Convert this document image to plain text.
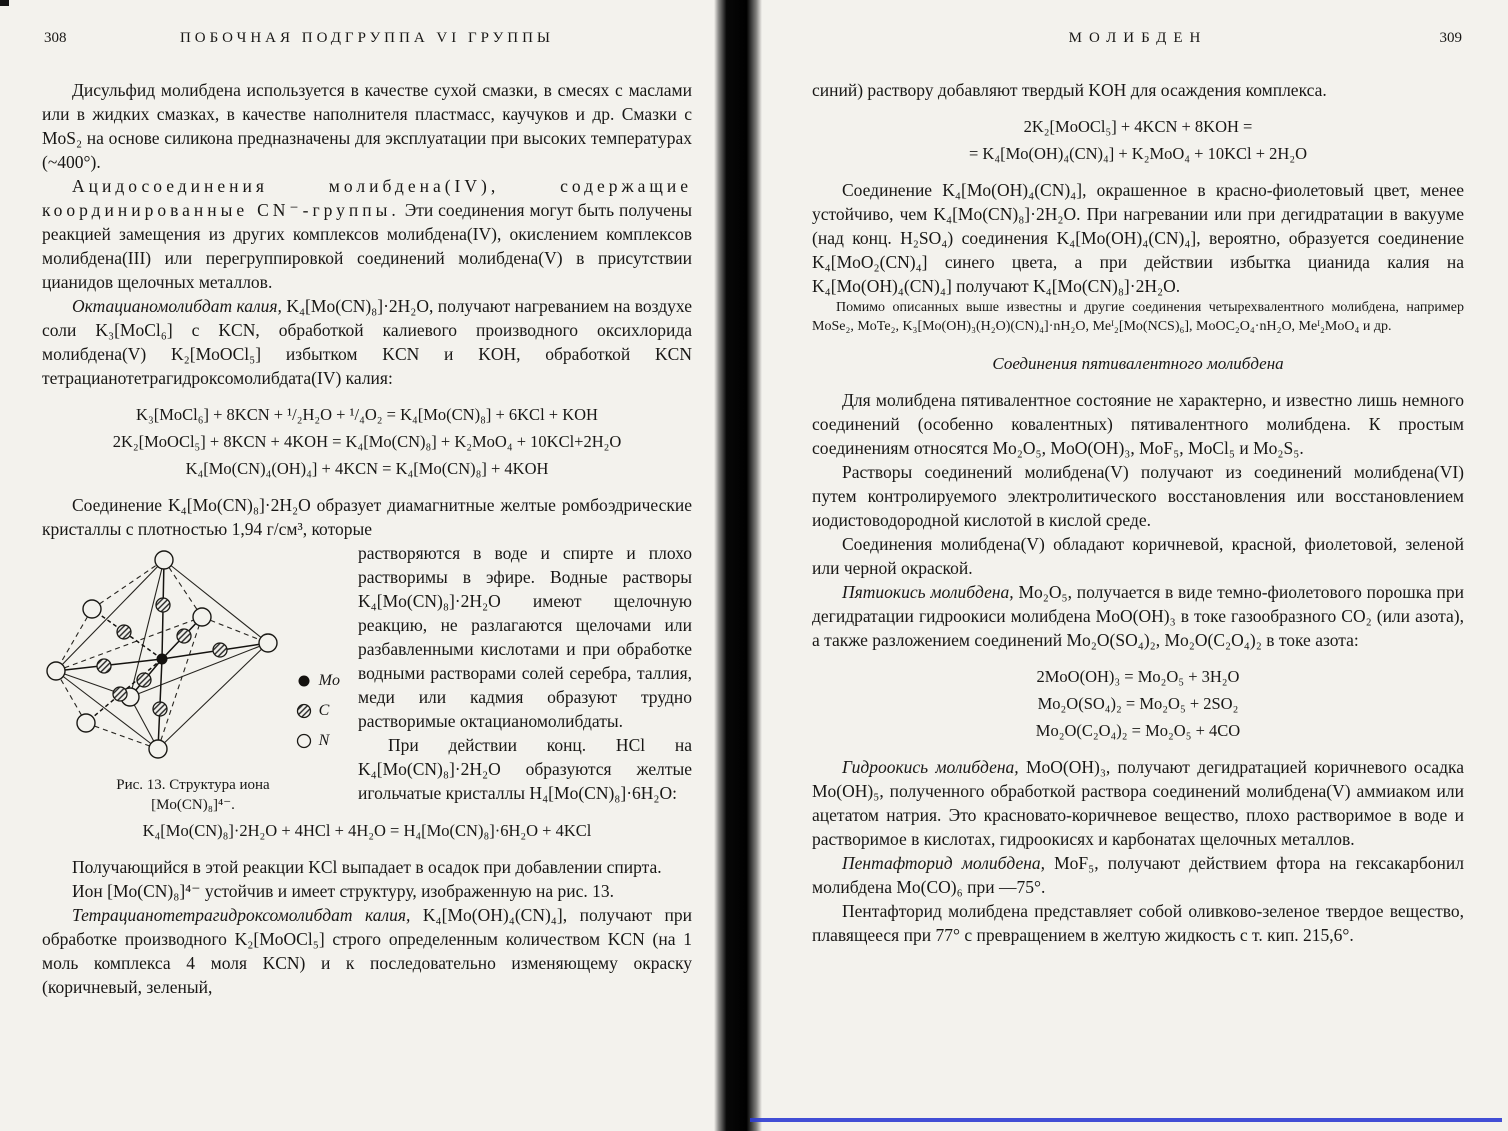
308	ПОБОЧНАЯ ПОДГРУППА VI ГРУППЫ

Дисульфид молибдена используется в качестве сухой смазки, в смесях с маслами или в жидких смазках, в качестве наполнителя пластмасс, каучуков и др. Смазки с MoS₂ на основе силикона предназначены для эксплуатации при высоких температурах (~400°).

Ацидосоединения молибдена(IV), содержащие координированные CN⁻-группы. Эти соединения могут быть получены реакцией замещения из других комплексов молибдена(IV), окислением комплексов молибдена(III) или перегруппировкой соединений молибдена(V) в присутствии цианидов щелочных металлов.

Октацианомолибдат калия, K₄[Mo(CN)₈]·2H₂O, получают нагреванием на воздухе соли K₃[MoCl₆] с KCN, обработкой калиевого производного оксихлорида молибдена(V) K₂[MoOCl₅] избытком KCN и KOH, обработкой KCN тетрацианотетрагидроксомолибдата(IV) калия:

K₃[MoCl₆] + 8KCN + ¹/₂H₂O + ¹/₄O₂ = K₄[Mo(CN)₈] + 6KCl + KOH
2K₂[MoOCl₅] + 8KCN + 4KOH = K₄[Mo(CN)₈] + K₂MoO₄ + 10KCl+2H₂O
K₄[Mo(CN)₄(OH)₄] + 4KCN = K₄[Mo(CN)₈] + 4KOH

Соединение K₄[Mo(CN)₈]·2H₂O образует диамагнитные желтые ромбоэдрические кристаллы с плотностью 1,94 г/см³, которые

Mo
C
N
Рис. 13. Структура иона
[Mo(CN)₈]⁴⁻.

растворяются в воде и спирте и плохо растворимы в эфире. Водные растворы K₄[Mo(CN)₈]·2H₂O имеют щелочную реакцию, не разлагаются щелочами или разбавленными кислотами и при обработке водными растворами солей серебра, таллия, меди или кадмия образуют трудно растворимые октацианомолибдаты.

При действии конц. HCl на K₄[Mo(CN)₈]·2H₂O образуются желтые игольчатые кристаллы H₄[Mo(CN)₈]·6H₂O:

K₄[Mo(CN)₈]·2H₂O + 4HCl + 4H₂O = H₄[Mo(CN)₈]·6H₂O + 4KCl

Получающийся в этой реакции KCl выпадает в осадок при добавлении спирта.

Ион [Mo(CN)₈]⁴⁻ устойчив и имеет структуру, изображенную на рис. 13.

Тетрацианотетрагидроксомолибдат калия, K₄[Mo(OH)₄(CN)₄], получают при обработке производного K₂[MoOCl₅] строго определенным количеством KCN (на 1 моль комплекса 4 моля KCN) и к последовательно изменяющему окраску (коричневый, зеленый,

МОЛИБДЕН	309

синий) раствору добавляют твердый KOH для осаждения комплекса.

2K₂[MoOCl₅] + 4KCN + 8KOH =
= K₄[Mo(OH)₄(CN)₄] + K₂MoO₄ + 10KCl + 2H₂O

Соединение K₄[Mo(OH)₄(CN)₄], окрашенное в красно-фиолетовый цвет, менее устойчиво, чем K₄[Mo(CN)₈]·2H₂O. При нагревании или при дегидратации в вакууме (над конц. H₂SO₄) соединения K₄[Mo(OH)₄(CN)₄], вероятно, образуется соединение K₄[MoO₂(CN)₄] синего цвета, а при действии избытка цианида калия на K₄[Mo(OH)₄(CN)₄] получают K₄[Mo(CN)₈]·2H₂O.

Помимо описанных выше известны и другие соединения четырехвалентного молибдена, например MoSe₂, MoTe₂, K₃[Mo(OH)₃(H₂O)(CN)₄]·nH₂O, Meᴵ₂[Mo(NCS)₆], MoOC₂O₄·nH₂O, Meᴵ₂MoO₄ и др.

Соединения пятивалентного молибдена

Для молибдена пятивалентное состояние не характерно, и известно лишь немного соединений (особенно ковалентных) пятивалентного молибдена. К простым соединениям относятся Mo₂O₅, MoO(OH)₃, MoF₅, MoCl₅ и Mo₂S₅.

Растворы соединений молибдена(V) получают из соединений молибдена(VI) путем контролируемого электролитического восстановления или восстановлением иодистоводородной кислотой в кислой среде.

Соединения молибдена(V) обладают коричневой, красной, фиолетовой, зеленой или черной окраской.

Пятиокись молибдена, Mo₂O₅, получается в виде темно-фиолетового порошка при дегидратации гидроокиси молибдена MoO(OH)₃ в токе газообразного CO₂ (или азота), а также разложением соединений Mo₂O(SO₄)₂, Mo₂O(C₂O₄)₂ в токе азота:

2MoO(OH)₃ = Mo₂O₅ + 3H₂O
Mo₂O(SO₄)₂ = Mo₂O₅ + 2SO₂
Mo₂O(C₂O₄)₂ = Mo₂O₅ + 4CO

Гидроокись молибдена, MoO(OH)₃, получают дегидратацией коричневого осадка Mo(OH)₅, полученного обработкой раствора соединений молибдена(V) аммиаком или ацетатом натрия. Это красновато-коричневое вещество, плохо растворимое в воде и растворимое в кислотах, гидроокисях и карбонатах щелочных металлов.

Пентафторид молибдена, MoF₅, получают действием фтора на гексакарбонил молибдена Mo(CO)₆ при —75°.

Пентафторид молибдена представляет собой оливково-зеленое твердое вещество, плавящееся при 77° с превращением в желтую жидкость с т. кип. 215,6°.
